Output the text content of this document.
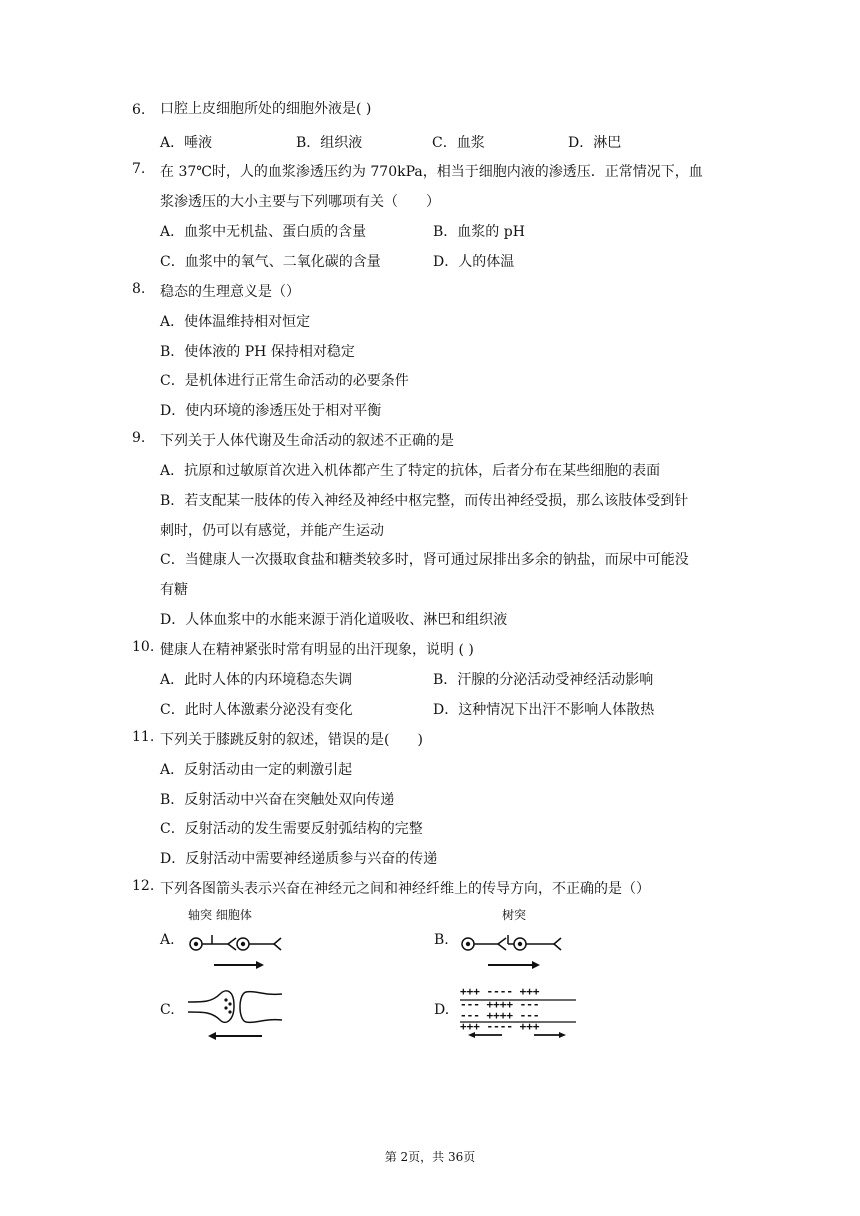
6.	口腔上皮细胞所处的细胞外液是( )
A．唾液	B．组织液	C．血浆	D．淋巴
7.	在 37℃时，人的血浆渗透压约为 770kPa，相当于细胞内液的渗透压．正常情况下，血
浆渗透压的大小主要与下列哪项有关（　　）
A．血浆中无机盐、蛋白质的含量	B．血浆的 pH
C．血浆中的氧气、二氧化碳的含量	D．人的体温
8.	稳态的生理意义是（）
A．使体温维持相对恒定
B．使体液的 PH 保持相对稳定
C．是机体进行正常生命活动的必要条件
D．使内环境的渗透压处于相对平衡
9.	下列关于人体代谢及生命活动的叙述不正确的是
A．抗原和过敏原首次进入机体都产生了特定的抗体，后者分布在某些细胞的表面
B．若支配某一肢体的传入神经及神经中枢完整，而传出神经受损，那么该肢体受到针
刺时，仍可以有感觉，并能产生运动
C．当健康人一次摄取食盐和糖类较多时，肾可通过尿排出多余的钠盐，而尿中可能没
有糖
D．人体血浆中的水能来源于消化道吸收、淋巴和组织液
10. 健康人在精神紧张时常有明显的出汗现象，说明 ( )
A．此时人体的内环境稳态失调	B．汗腺的分泌活动受神经活动影响
C．此时人体激素分泌没有变化	D．这种情况下出汗不影响人体散热
11. 下列关于膝跳反射的叙述，错误的是(　　)
A．反射活动由一定的刺激引起
B．反射活动中兴奋在突触处双向传递
C．反射活动的发生需要反射弧结构的完整
D．反射活动中需要神经递质参与兴奋的传递
12. 下列各图箭头表示兴奋在神经元之间和神经纤维上的传导方向，不正确的是（）
A.	B.
C.	D.
轴突 细胞体	树突
+++ ---- +++
--- ++++ ---
--- ++++ ---
+++ ---- +++
第 2页，共 36页
